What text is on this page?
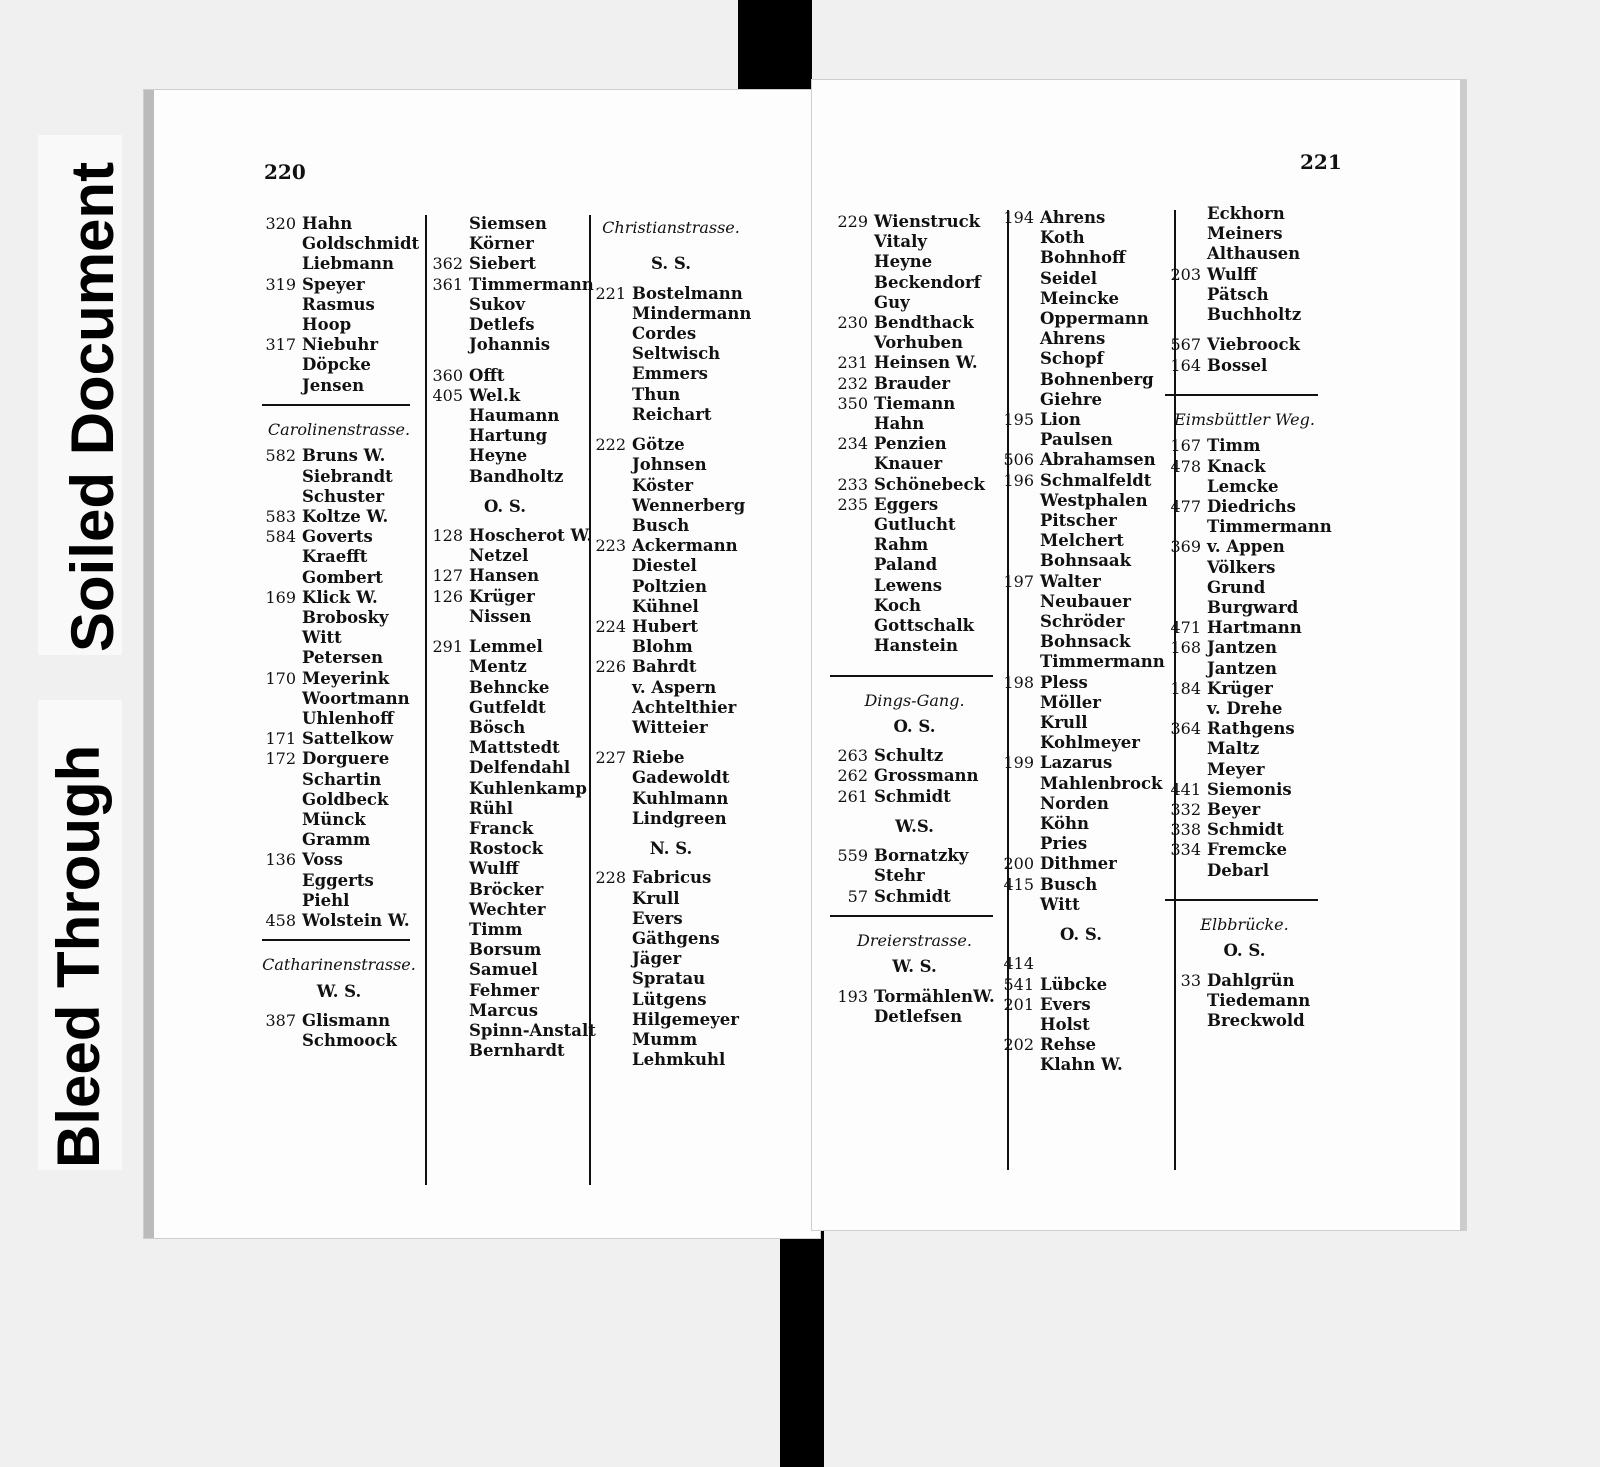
Bleed Through
Soiled Document	220
320 Hahn
Goldschmidt
Liebmann
319 Speyer
Rasmus
Hoop
317 Niebuhr
Döpcke
Jensen
Carolinenstrasse.
582 Bruns W.
Siebrandt
Schuster
583 Koltze W.
584 Goverts
Kraefft
Gombert
169 Klick W.
Brobosky
Witt
Petersen
170 Meyerink
Woortmann
Uhlenhoff
171 Sattelkow
172 Dorguere
Schartin
Goldbeck
Münck
Gramm
136 Voss
Eggerts
Piehl
458 Wolstein W.
Catharinenstrasse.
W. S.
387 Glismann
Schmoock
Siemsen
Körner
362 Siebert
361 Timmermann
Sukov
Detlefs
Johannis
360 Offt
405 Wel.k
Haumann
Hartung
Heyne
Bandholtz
O. S.
128 Hoscherot W.
Netzel
127 Hansen
126 Krüger
Nissen
291 Lemmel
Mentz
Behncke
Gutfeldt
Bösch
Mattstedt
Delfendahl
Kuhlenkamp
Rühl
Franck
Rostock
Wulff
Bröcker
Wechter
Timm
Borsum
Samuel
Fehmer
Marcus
Spinn-Anstalt
Bernhardt
Christianstrasse.
S. S.
221 Bostelmann
Mindermann
Cordes
Seltwisch
Emmers
Thun
Reichart
222 Götze
Johnsen
Köster
Wennerberg
Busch
223 Ackermann
Diestel
Poltzien
Kühnel
224 Hubert
Blohm
226 Bahrdt
v. Aspern
Achtelthier
Witteier
227 Riebe
Gadewoldt
Kuhlmann
Lindgreen
N. S.
228 Fabricus
Krull
Evers
Gäthgens
Jäger
Spratau
Lütgens
Hilgemeyer
Mumm
Lehmkuhl
221
229 Wienstruck
Vitaly
Heyne
Beckendorf
Guy
230 Bendthack
Vorhuben
231 Heinsen W.
232 Brauder
350 Tiemann
Hahn
234 Penzien
Knauer
233 Schönebeck
235 Eggers
Gutlucht
Rahm
Paland
Lewens
Koch
Gottschalk
Hanstein
Dings-Gang.
O. S.
263 Schultz
262 Grossmann
261 Schmidt
W.S.
559 Bornatzky
Stehr
57 Schmidt
Dreierstrasse.
W. S.
193 TormählenW.
Detlefsen
194 Ahrens
Koth
Bohnhoff
Seidel
Meincke
Oppermann
Ahrens
Schopf
Bohnenberg
Giehre
195 Lion
Paulsen
506 Abrahamsen
196 Schmalfeldt
Westphalen
Pitscher
Melchert
Bohnsaak
197 Walter
Neubauer
Schröder
Bohnsack
Timmermann
198 Pless
Möller
Krull
Kohlmeyer
199 Lazarus
Mahlenbrock
Norden
Köhn
Pries
200 Dithmer
415 Busch
Witt
O. S.
414
541 Lübcke
201 Evers
Holst
202 Rehse
Klahn W.
Eckhorn
Meiners
Althausen
203 Wulff
Pätsch
Buchholtz
567 Viebroock
164 Bossel
Eimsbüttler Weg.
167 Timm
478 Knack
Lemcke
477 Diedrichs
Timmermann
369 v. Appen
Völkers
Grund
Burgward
471 Hartmann
168 Jantzen
Jantzen
184 Krüger
v. Drehe
364 Rathgens
Maltz
Meyer
441 Siemonis
332 Beyer
338 Schmidt
334 Fremcke
Debarl
Elbbrücke.
O. S.
33 Dahlgrün
Tiedemann
Breckwold
